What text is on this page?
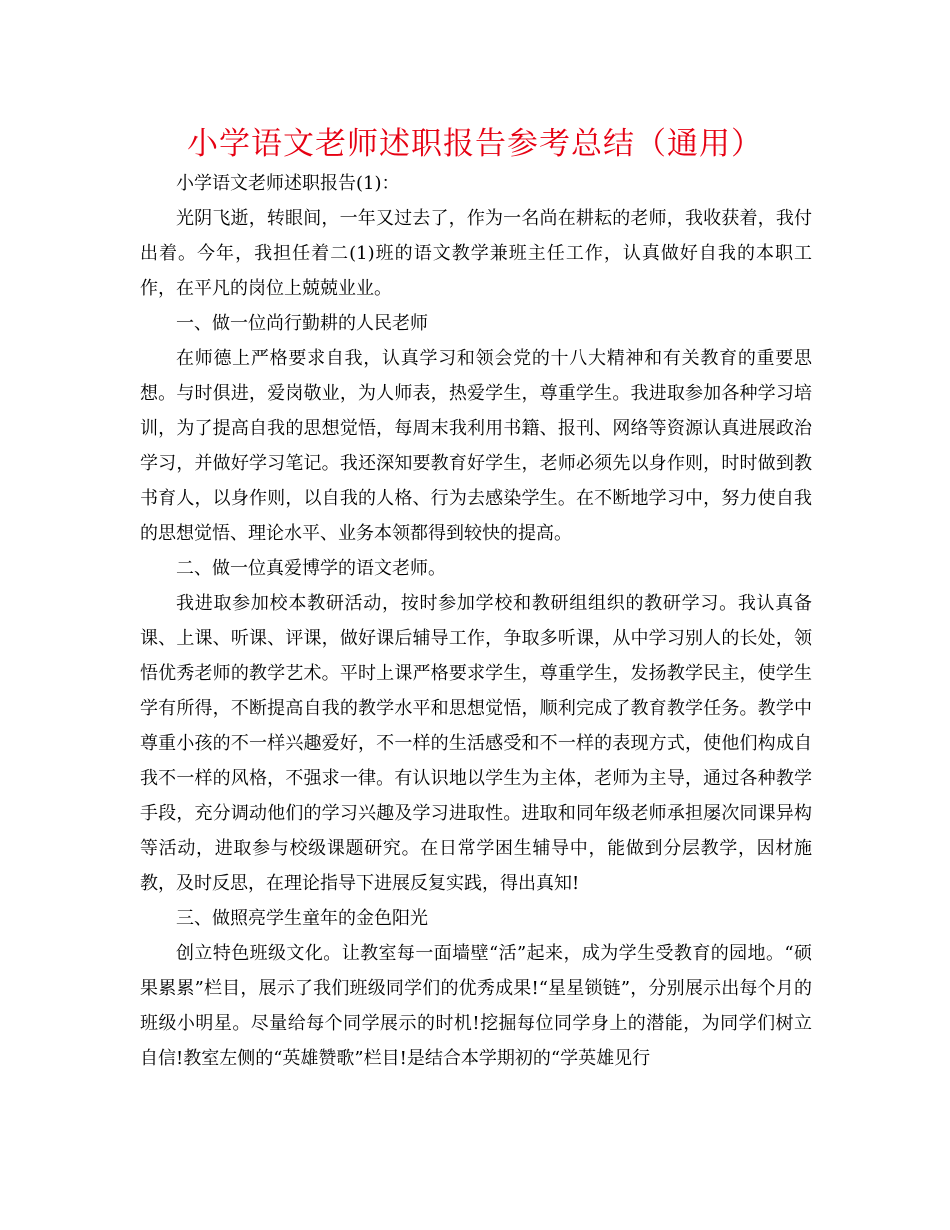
小学语文老师述职报告参考总结（通用）

小学语文老师述职报告(1)：

光阴飞逝，转眼间，一年又过去了，作为一名尚在耕耘的老师，我收获着，我付出着。今年，我担任着二(1)班的语文教学兼班主任工作，认真做好自我的本职工作，在平凡的岗位上兢兢业业。

一、做一位尚行勤耕的人民老师

在师德上严格要求自我，认真学习和领会党的十八大精神和有关教育的重要思想。与时俱进，爱岗敬业，为人师表，热爱学生，尊重学生。我进取参加各种学习培训，为了提高自我的思想觉悟，每周末我利用书籍、报刊、网络等资源认真进展政治学习，并做好学习笔记。我还深知要教育好学生，老师必须先以身作则，时时做到教书育人，以身作则，以自我的人格、行为去感染学生。在不断地学习中，努力使自我的思想觉悟、理论水平、业务本领都得到较快的提高。

二、做一位真爱博学的语文老师。

我进取参加校本教研活动，按时参加学校和教研组组织的教研学习。我认真备课、上课、听课、评课，做好课后辅导工作，争取多听课，从中学习别人的长处，领悟优秀老师的教学艺术。平时上课严格要求学生，尊重学生，发扬教学民主，使学生学有所得，不断提高自我的教学水平和思想觉悟，顺利完成了教育教学任务。教学中尊重小孩的不一样兴趣爱好，不一样的生活感受和不一样的表现方式，使他们构成自我不一样的风格，不强求一律。有认识地以学生为主体，老师为主导，通过各种教学手段，充分调动他们的学习兴趣及学习进取性。进取和同年级老师承担屡次同课异构等活动，进取参与校级课题研究。在日常学困生辅导中，能做到分层教学，因材施教，及时反思，在理论指导下进展反复实践，得出真知!

三、做照亮学生童年的金色阳光

创立特色班级文化。让教室每一面墙壁“活”起来，成为学生受教育的园地。“硕果累累”栏目，展示了我们班级同学们的优秀成果!“星星锁链”，分别展示出每个月的班级小明星。尽量给每个同学展示的时机!挖掘每位同学身上的潜能，为同学们树立自信!教室左侧的“英雄赞歌”栏目!是结合本学期初的“学英雄见行
